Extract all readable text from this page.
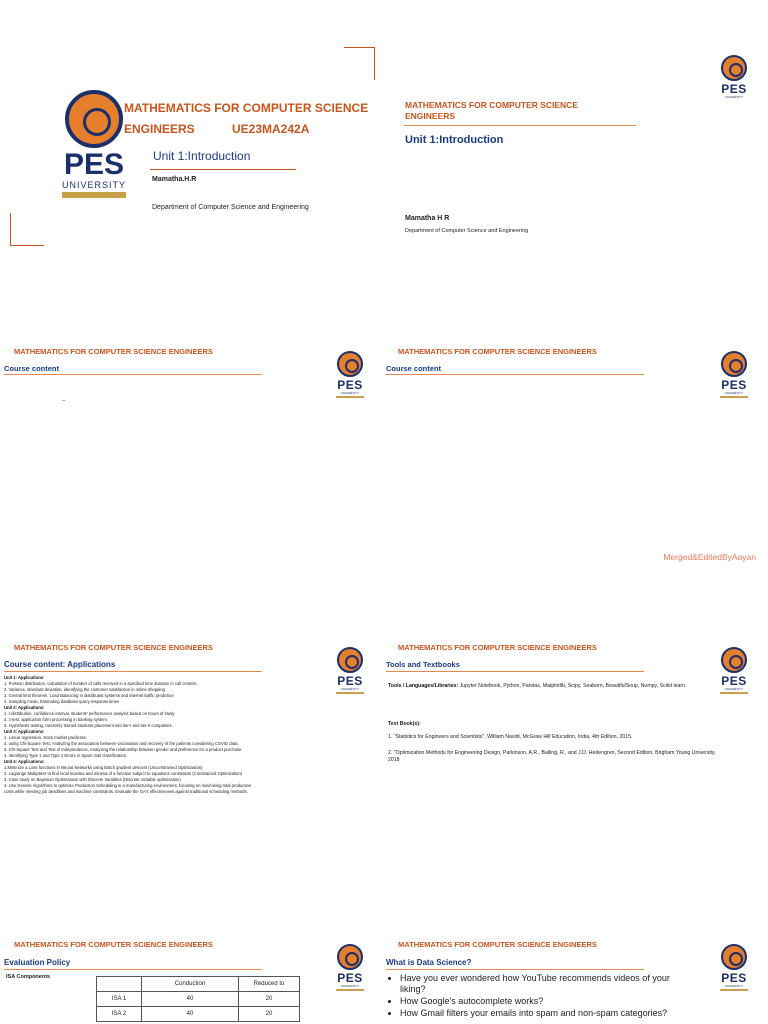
PES
UNIVERSITY
MATHEMATICS FOR COMPUTER SCIENCE
ENGINEERS	UE23MA242A
Unit 1:Introduction
Mamatha.H.R
Department of Computer Science and Engineering
PES
UNIVERSITY
MATHEMATICS FOR COMPUTER SCIENCE ENGINEERS
Unit 1:Introduction
Mamatha H R
Department of Computer Science and Engineering
MATHEMATICS FOR COMPUTER SCIENCE ENGINEERS
Course content
–
PES
UNIVERSITY
MATHEMATICS FOR COMPUTER SCIENCE ENGINEERS
Course content
PES
UNIVERSITY
Merged&EditedByAayan
MATHEMATICS FOR COMPUTER SCIENCE ENGINEERS
Course content: Applications
PES
UNIVERSITY
Unit 1: Applications:
1. Poisson distribution, calculation of number of calls received in a specified time duration in call centers.
2. Variance, standard deviation, identifying the customer satisfaction in online shopping
3. Central limit theorem, Load Balancing in distributed systems and internet traffic prediction
4. Sampling mean, Estimating database query response times
Unit 2: Applications:
1. t-distribution, confidence interval, students' performance analysis based on hours of study
2. z-test, application form processing in banking system.
3. Hypothesis testing, randomly trained students placement into tier-I and tier-II companies.
Unit 3: Applications:
1. Linear regression, stock market prediction
2. using Chi-Square Test, Analyzing the association between vaccination and recovery of the patients considering COVID data.
3. Chi-Square Test and Test of Independence, Analyzing the relationship between gender and preference for a product purchase.
4. Identifying Type 1 and Type 2 Errors in Spam mail classification.
Unit 4: Applications:
1.Minimize a Loss functions in Neural Networks using Batch gradient descent (Unconstrained Optimization)
2. Lagrange Multipliers to find local maxima and minima of a function subject to equations constraints (Constrained Optimization)
3. Case study on Bayesian Optimization with Discrete Variables (Discrete Variable optimization)
4. Use Genetic Algorithms to optimize Production Scheduling in a manufacturing environment, focusing on minimising total production
costs while meeting job deadlines and machine constraints. Evaluate the GA's effectiveness against traditional scheduling methods.
MATHEMATICS FOR COMPUTER SCIENCE ENGINEERS
Tools and Textbooks
PES
UNIVERSITY
Tools / Languages/Libraries: Jupyter Notebook, Python, Pandas, Matplotlib, Scipy, Seaborn, BeautifulSoup, Numpy, Scikit learn.
Text Book(s):
1. "Statistics for Engineers and Scientists", William Navidi, McGraw Hill Education, India, 4th Edition, 2015.
2. "Optimization Methods for Engineering Design, Parkinson, A.R., Balling, R., and J.D. Hedengren, Second Edition, Brigham Young University, 2018
MATHEMATICS FOR COMPUTER SCIENCE ENGINEERS
Evaluation Policy
ISA Components	PES
UNIVERSITY
	Conduction	Reduced to
ISA 1	40	20
ISA 2	40	20
MATHEMATICS FOR COMPUTER SCIENCE ENGINEERS
What is Data Science?
PES
UNIVERSITY
• Have you ever wondered how YouTube recommends videos of your liking?
• How Google's autocomplete works?
• How Gmail filters your emails into spam and non-spam categories?
